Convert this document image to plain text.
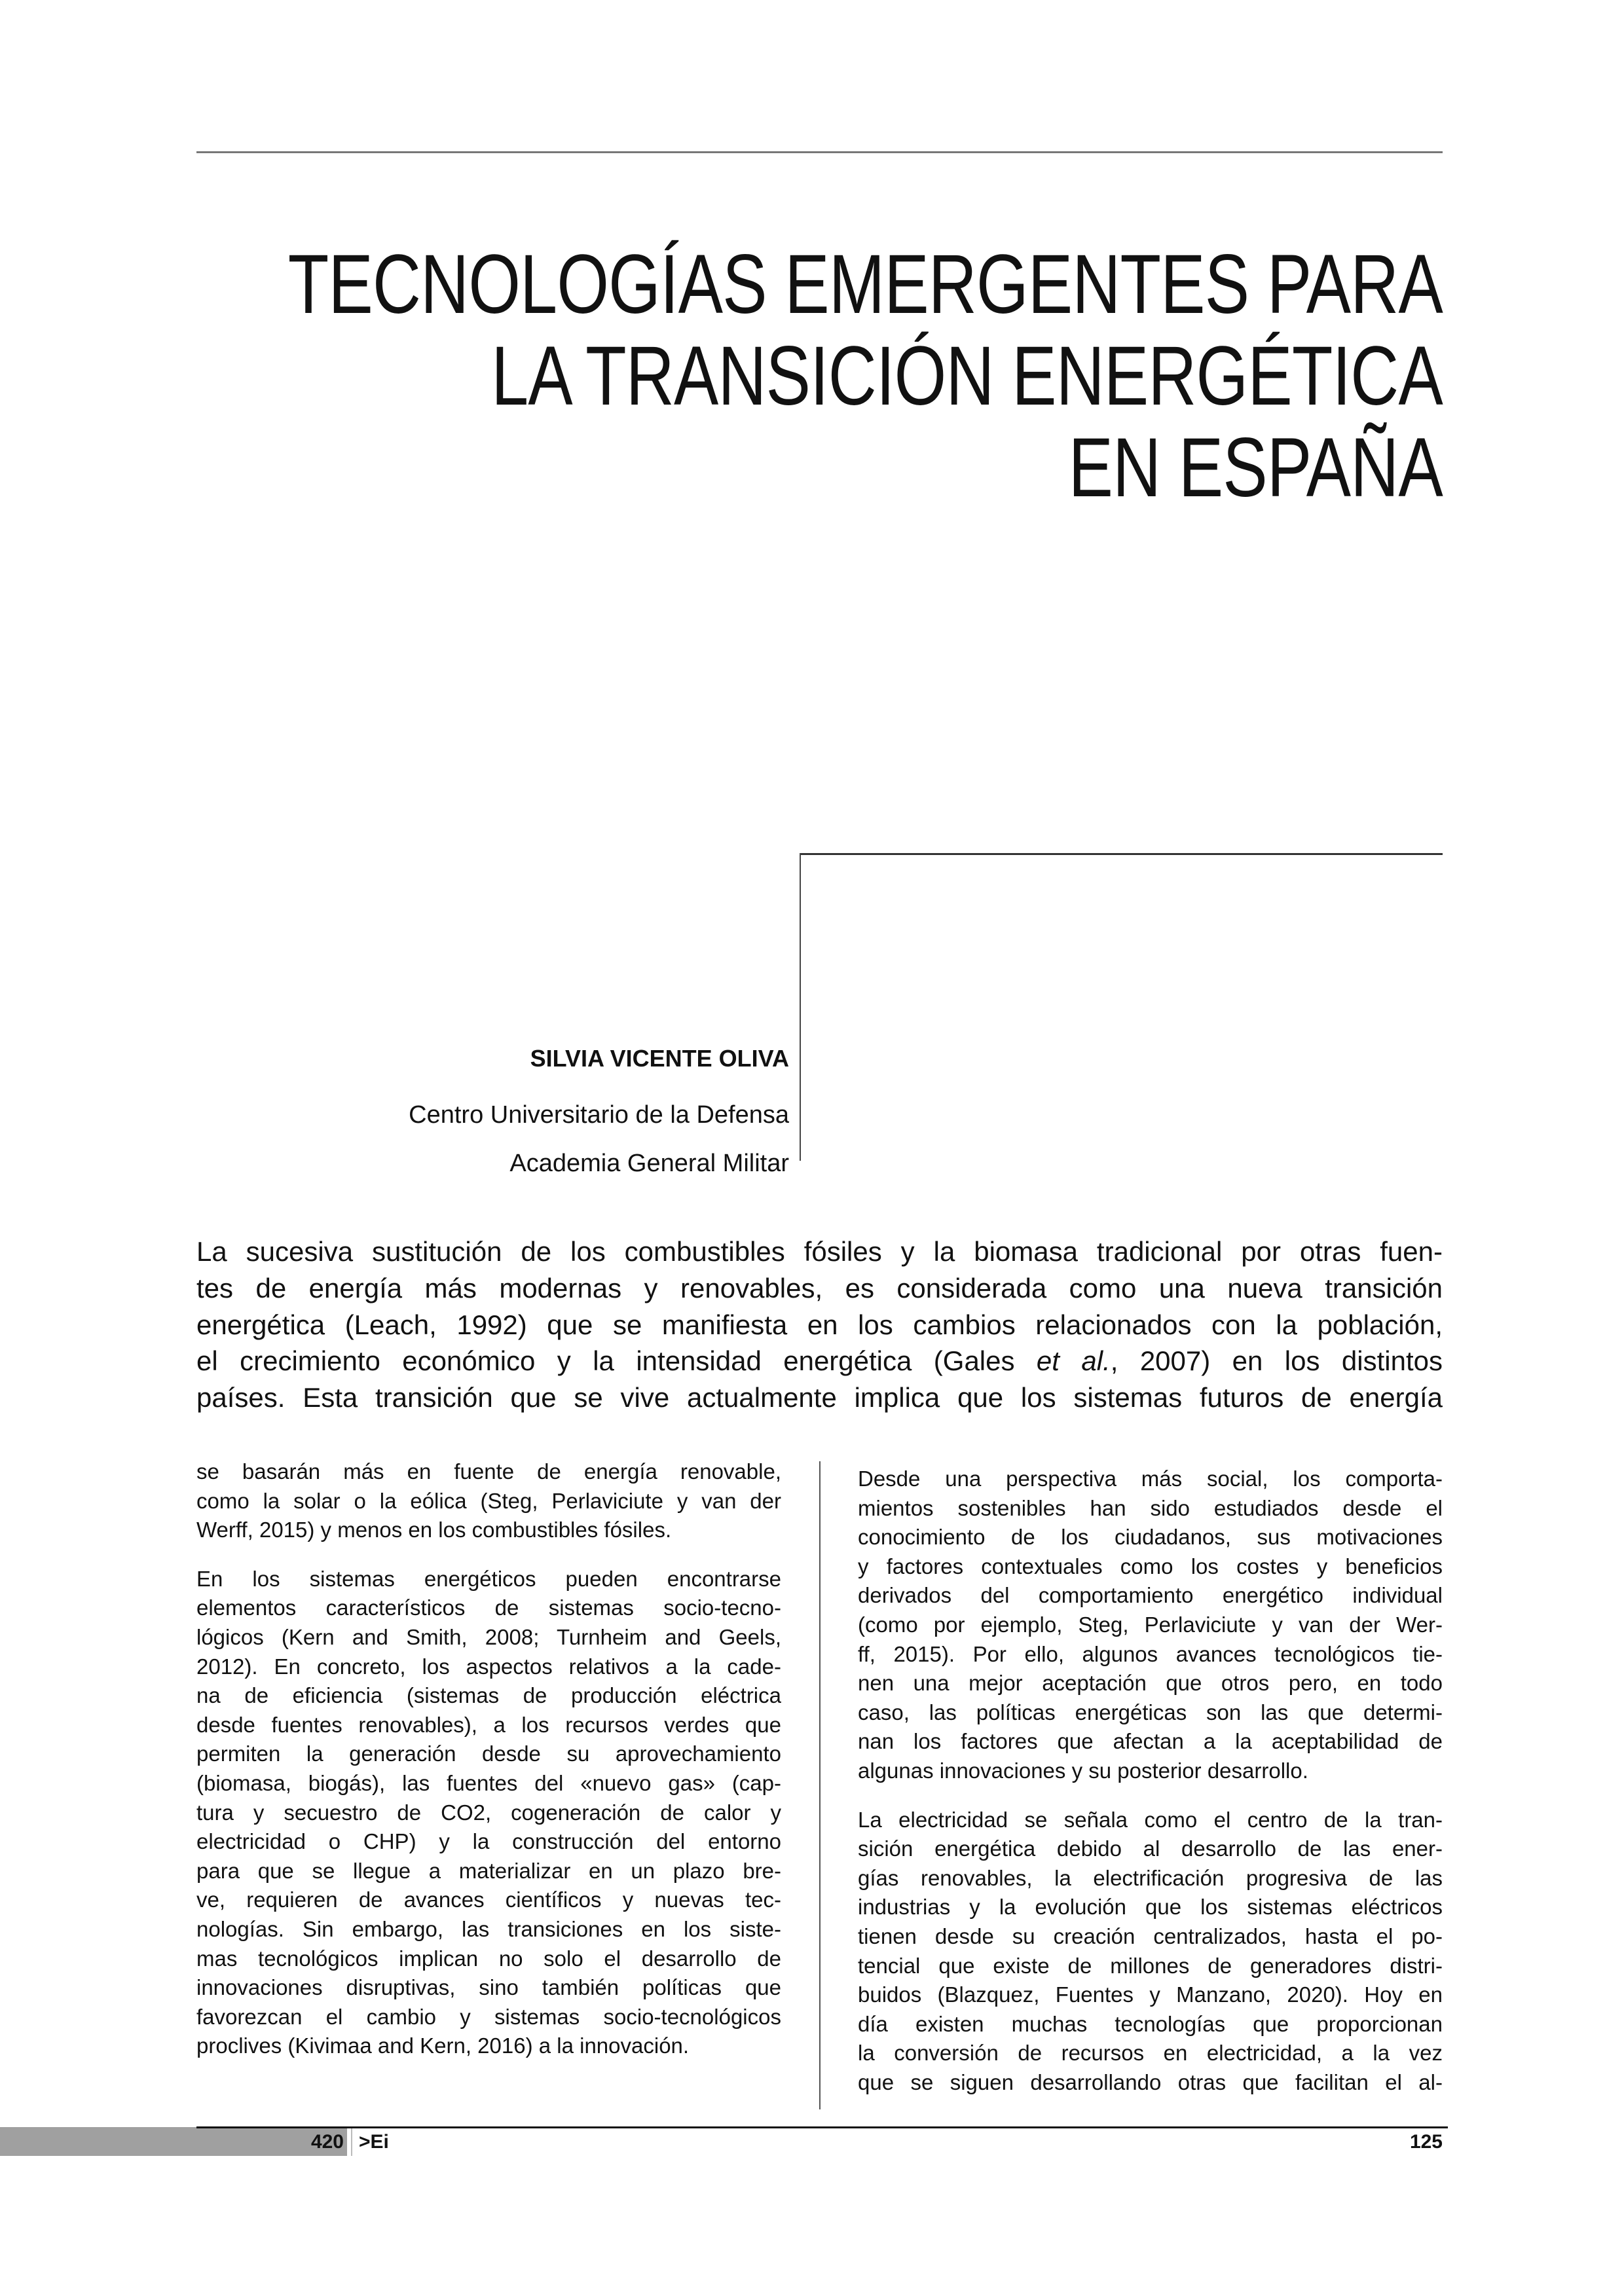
TECNOLOGÍAS EMERGENTES PARA
LA TRANSICIÓN ENERGÉTICA
EN ESPAÑA
SILVIA VICENTE OLIVA
Centro Universitario de la Defensa
Academia General Militar
La sucesiva sustitución de los combustibles fósiles y la biomasa tradicional por otras fuen-
tes de energía más modernas y renovables, es considerada como una nueva transición
energética (Leach, 1992) que se manifiesta en los cambios relacionados con la población,
el crecimiento económico y la intensidad energética (Gales et al., 2007) en los distintos
países. Esta transición que se vive actualmente implica que los sistemas futuros de energía

se basarán más en fuente de energía renovable,
como la solar o la eólica (Steg, Perlaviciute y van der
Werff, 2015) y menos en los combustibles fósiles.

En los sistemas energéticos pueden encontrarse
elementos característicos de sistemas socio-tecno-
lógicos (Kern and Smith, 2008; Turnheim and Geels,
2012). En concreto, los aspectos relativos a la cade-
na de eficiencia (sistemas de producción eléctrica
desde fuentes renovables), a los recursos verdes que
permiten la generación desde su aprovechamiento
(biomasa, biogás), las fuentes del «nuevo gas» (cap-
tura y secuestro de CO2, cogeneración de calor y
electricidad o CHP) y la construcción del entorno
para que se llegue a materializar en un plazo bre-
ve, requieren de avances científicos y nuevas tec-
nologías. Sin embargo, las transiciones en los siste-
mas tecnológicos implican no solo el desarrollo de
innovaciones disruptivas, sino también políticas que
favorezcan el cambio y sistemas socio-tecnológicos
proclives (Kivimaa and Kern, 2016) a la innovación.

Desde una perspectiva más social, los comporta-
mientos sostenibles han sido estudiados desde el
conocimiento de los ciudadanos, sus motivaciones
y factores contextuales como los costes y beneficios
derivados del comportamiento energético individual
(como por ejemplo, Steg, Perlaviciute y van der Wer-
ff, 2015). Por ello, algunos avances tecnológicos tie-
nen una mejor aceptación que otros pero, en todo
caso, las políticas energéticas son las que determi-
nan los factores que afectan a la aceptabilidad de
algunas innovaciones y su posterior desarrollo.

La electricidad se señala como el centro de la tran-
sición energética debido al desarrollo de las ener-
gías renovables, la electrificación progresiva de las
industrias y la evolución que los sistemas eléctricos
tienen desde su creación centralizados, hasta el po-
tencial que existe de millones de generadores distri-
buidos (Blazquez, Fuentes y Manzano, 2020). Hoy en
día existen muchas tecnologías que proporcionan
la conversión de recursos en electricidad, a la vez
que se siguen desarrollando otras que facilitan el al-

420 >Ei	125
